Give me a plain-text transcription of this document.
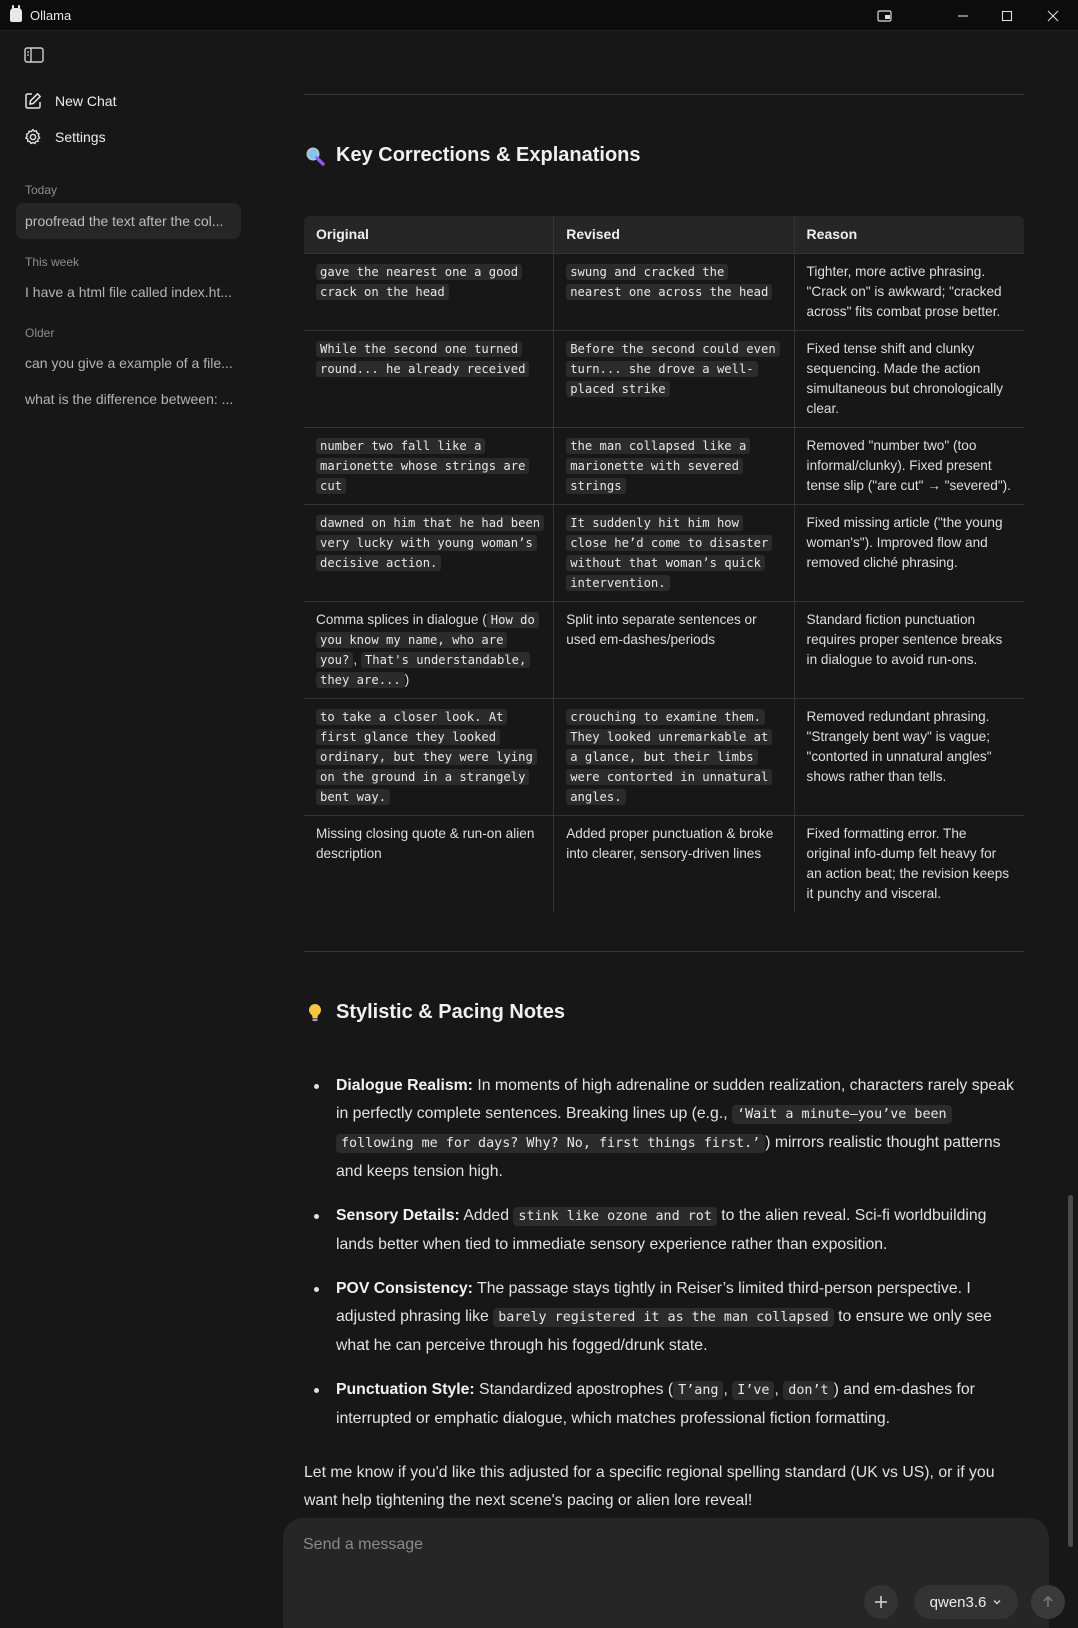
Ollama
New Chat
Settings
Today
proofread the text after the col...
This week
I have a html file called index.ht...
Older
can you give a example of a file...
what is the difference between: ...
Key Corrections & Explanations
Original	Revised	Reason
gave the nearest one a good crack on the head	swung and cracked the nearest one across the head	Tighter, more active phrasing. "Crack on" is awkward; "cracked across" fits combat prose better.
While the second one turned round... he already received	Before the second could even turn... she drove a well-placed strike	Fixed tense shift and clunky sequencing. Made the action simultaneous but chronologically clear.
number two fall like a marionette whose strings are cut	the man collapsed like a marionette with severed strings	Removed "number two" (too informal/clunky). Fixed present tense slip ("are cut" → "severed").
dawned on him that he had been very lucky with young woman’s decisive action.	It suddenly hit him how close he’d come to disaster without that woman’s quick intervention.	Fixed missing article ("the young woman's"). Improved flow and removed cliché phrasing.
Comma splices in dialogue ( How do you know my name, who are you? , That's understandable, they are... )	Split into separate sentences or used em-dashes/periods	Standard fiction punctuation requires proper sentence breaks in dialogue to avoid run-ons.
to take a closer look. At first glance they looked ordinary, but they were lying on the ground in a strangely bent way.	crouching to examine them. They looked unremarkable at a glance, but their limbs were contorted in unnatural angles.	Removed redundant phrasing. "Strangely bent way" is vague; "contorted in unnatural angles" shows rather than tells.
Missing closing quote & run-on alien description	Added proper punctuation & broke into clearer, sensory-driven lines	Fixed formatting error. The original info-dump felt heavy for an action beat; the revision keeps it punchy and visceral.
Stylistic & Pacing Notes
Dialogue Realism: In moments of high adrenaline or sudden realization, characters rarely speak in perfectly complete sentences. Breaking lines up (e.g., ‘Wait a minute—you’ve been following me for days? Why? No, first things first.’ ) mirrors realistic thought patterns and keeps tension high.
Sensory Details: Added stink like ozone and rot to the alien reveal. Sci-fi worldbuilding lands better when tied to immediate sensory experience rather than exposition.
POV Consistency: The passage stays tightly in Reiser’s limited third-person perspective. I adjusted phrasing like barely registered it as the man collapsed to ensure we only see what he can perceive through his fogged/drunk state.
Punctuation Style: Standardized apostrophes ( T’ang , I’ve , don’t ) and em-dashes for interrupted or emphatic dialogue, which matches professional fiction formatting.

Let me know if you'd like this adjusted for a specific regional spelling standard (UK vs US), or if you want help tightening the next scene's pacing or alien lore reveal!

Send a message
qwen3.6
